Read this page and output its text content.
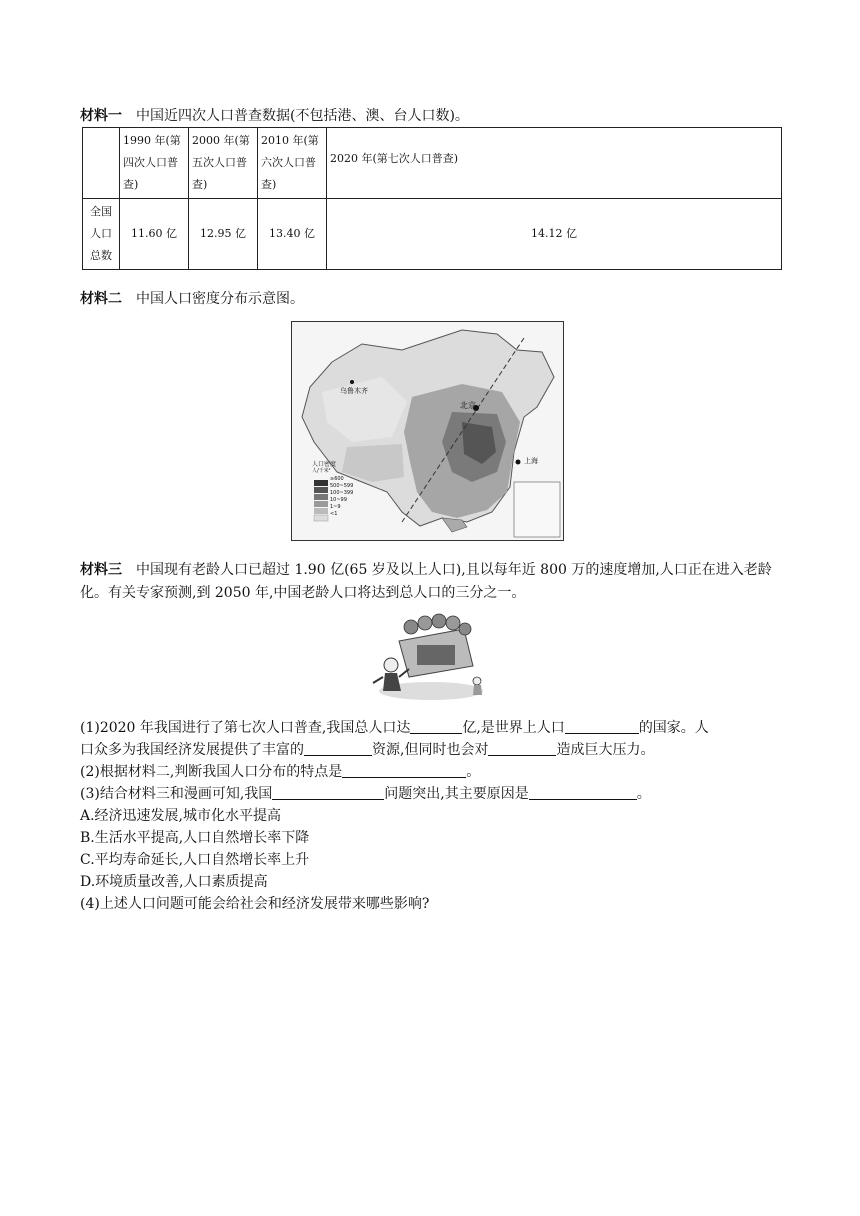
材料一 中国近四次人口普查数据(不包括港、澳、台人口数)。
	1990 年(第四次人口普查)	2000 年(第五次人口普查)	2010 年(第六次人口普查)	2020 年(第七次人口普查)
全国人口总数	11.60 亿	12.95 亿	13.40 亿	14.12 亿
材料二 中国人口密度分布示意图。
乌鲁木齐
北京
上海
人口密度
人/千米²
≥600
500~599
100~399
10~99
1~9
<1
材料三 中国现有老龄人口已超过 1.90 亿(65 岁及以上人口),且以每年近 800 万的速度增加,人口正在进入老龄化。有关专家预测,到 2050 年,中国老龄人口将达到总人口的三分之一。
(1)2020 年我国进行了第七次人口普查,我国总人口达	亿,是世界上人口	的国家。人
口众多为我国经济发展提供了丰富的	资源,但同时也会对	造成巨大压力。
(2)根据材料二,判断我国人口分布的特点是	。
(3)结合材料三和漫画可知,我国	问题突出,其主要原因是	。
A.经济迅速发展,城市化水平提高
B.生活水平提高,人口自然增长率下降
C.平均寿命延长,人口自然增长率上升
D.环境质量改善,人口素质提高
(4)上述人口问题可能会给社会和经济发展带来哪些影响?
